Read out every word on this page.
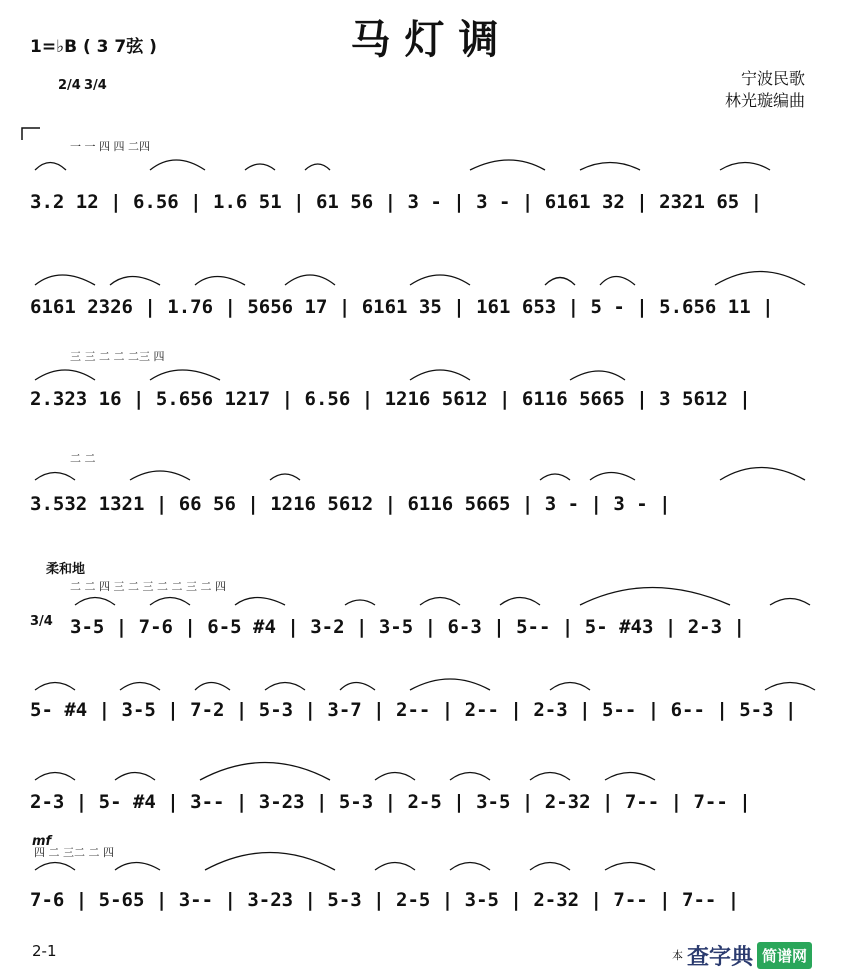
马灯调
1=♭B ( 3 7弦 )
宁波民歌
林光璇编曲
2/4 3/4
柔和地
mf
3/4
一 一 四 四 二四
3.2 12 | 6.56 | 1.6 51 | 61 56 | 3 - | 3 - | 6161 32 | 2321 65 |
6161 2326 | 1.76 | 5656 17 | 6161 35 | 161 653 | 5 - | 5.656 11 |
三 三 二 二 二三 四
2.323 16 | 5.656 1217 | 6.56 | 1216 5612 | 6116 5665 | 3 5612 |
二 二
3.532 1321 | 66 56 | 1216 5612 | 6116 5665 | 3 - | 3 - |
二 二 四 三 二 三 二 二 三 二 四
3-5 | 7-6 | 6-5 #4 | 3-2 | 3-5 | 6-3 | 5-- | 5- #43 | 2-3 |
5- #4 | 3-5 | 7-2 | 5-3 | 3-7 | 2-- | 2-- | 2-3 | 5-- | 6-- | 5-3 |
2-3 | 5- #4 | 3-- | 3-23 | 5-3 | 2-5 | 3-5 | 2-32 | 7-- | 7-- |
四 二 三二 二 四
7-6 | 5-65 | 3-- | 3-23 | 5-3 | 2-5 | 3-5 | 2-32 | 7-- | 7-- |
2-1	本 查字典 简谱网
